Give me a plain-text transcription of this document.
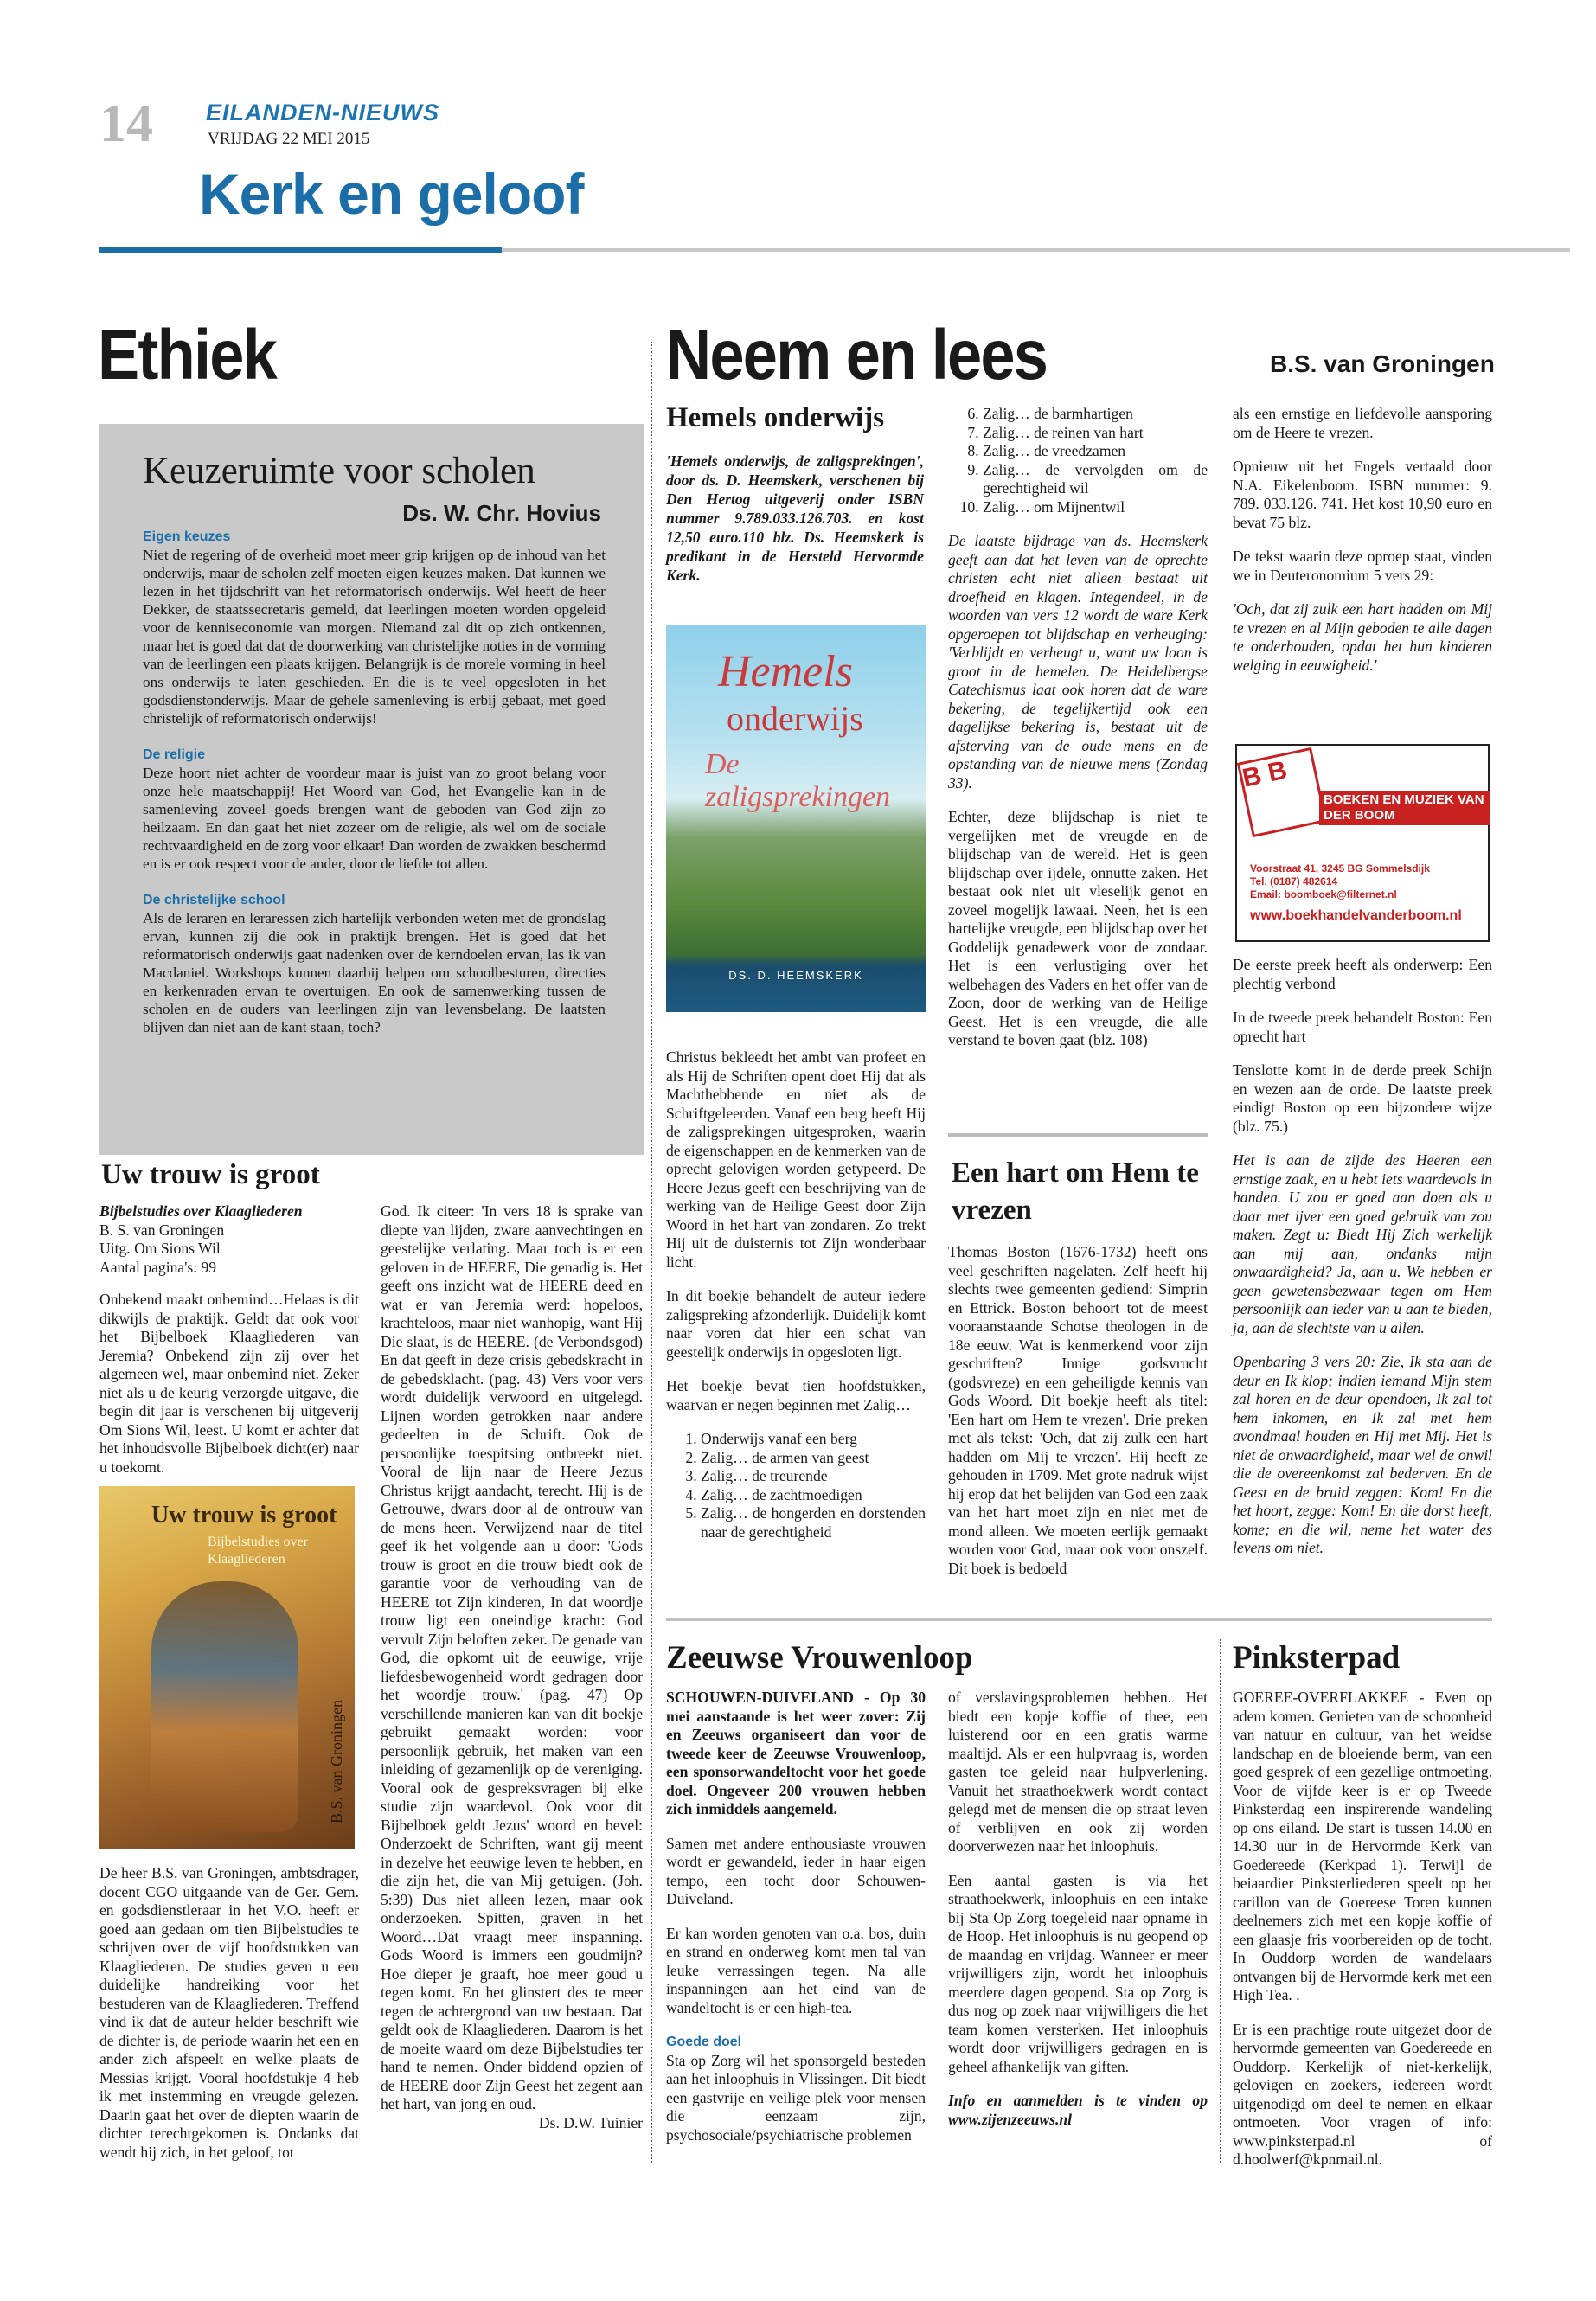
14 EILANDEN-NIEUWS
VRIJDAG 22 MEI 2015
Kerk en geloof
Ethiek
Keuzeruimte voor scholen
Ds. W. Chr. Hovius
Eigen keuzes
Niet de regering of de overheid moet meer grip krijgen op de inhoud van het onderwijs, maar de scholen zelf moeten eigen keuzes maken. Dat kunnen we lezen in het tijdschrift van het reformatorisch onderwijs. Wel heeft de heer Dekker, de staatssecretaris gemeld, dat leerlingen moeten worden opgeleid voor de kenniseconomie van morgen. Niemand zal dit op zich ontkennen, maar het is goed dat dat de doorwerking van christelijke noties in de vorming van de leerlingen een plaats krijgen. Belangrijk is de morele vorming in heel ons onderwijs te laten geschieden. En die is te veel opgesloten in het godsdienstonderwijs. Maar de gehele samenleving is erbij gebaat, met goed christelijk of reformatorisch onderwijs!
De religie
Deze hoort niet achter de voordeur maar is juist van zo groot belang voor onze hele maatschappij! Het Woord van God, het Evangelie kan in de samenleving zoveel goeds brengen want de geboden van God zijn zo heilzaam. En dan gaat het niet zozeer om de religie, als wel om de sociale rechtvaardigheid en de zorg voor elkaar! Dan worden de zwakken beschermd en is er ook respect voor de ander, door de liefde tot allen.
De christelijke school
Als de leraren en leraressen zich hartelijk verbonden weten met de grondslag ervan, kunnen zij die ook in praktijk brengen. Het is goed dat het reformatorisch onderwijs gaat nadenken over de kerndoelen ervan, las ik van Macdaniel. Workshops kunnen daarbij helpen om schoolbesturen, directies en kerkenraden ervan te overtuigen. En ook de samenwerking tussen de scholen en de ouders van leerlingen zijn van levensbelang. De laatsten blijven dan niet aan de kant staan, toch?
Uw trouw is groot
Bijbelstudies over Klaagliederen
B. S. van Groningen
Uitg. Om Sions Wil
Aantal pagina's: 99
Onbekend maakt onbemind…Helaas is dit dikwijls de praktijk. Geldt dat ook voor het Bijbelboek Klaagliederen van Jeremia? Onbekend zijn zij over het algemeen wel, maar onbemind niet. Zeker niet als u de keurig verzorgde uitgave, die begin dit jaar is verschenen bij uitgeverij Om Sions Wil, leest. U komt er achter dat het inhoudsvolle Bijbelboek dicht(er) naar u toekomt.
Uw trouw is groot
Bijbelstudies over Klaagliederen
B.S. van Groningen
De heer B.S. van Groningen, ambtsdrager, docent CGO uitgaande van de Ger. Gem. en godsdienstleraar in het V.O. heeft er goed aan gedaan om tien Bijbelstudies te schrijven over de vijf hoofdstukken van Klaagliederen. De studies geven u een duidelijke handreiking voor het bestuderen van de Klaagliederen. Treffend vind ik dat de auteur helder beschrift wie de dichter is, de periode waarin het een en ander zich afspeelt en welke plaats de Messias krijgt. Vooral hoofdstukje 4 heb ik met instemming en vreugde gelezen. Daarin gaat het over de diepten waarin de dichter terechtgekomen is. Ondanks dat wendt hij zich, in het geloof, tot
God. Ik citeer: 'In vers 18 is sprake van diepte van lijden, zware aanvechtingen en geestelijke verlating. Maar toch is er een geloven in de HEERE, Die genadig is. Het geeft ons inzicht wat de HEERE deed en wat er van Jeremia werd: hopeloos, krachteloos, maar niet wanhopig, want Hij Die slaat, is de HEERE. (de Verbondsgod) En dat geeft in deze crisis gebedskracht in de gebedsklacht. (pag. 43) Vers voor vers wordt duidelijk verwoord en uitgelegd. Lijnen worden getrokken naar andere gedeelten in de Schrift. Ook de persoonlijke toespitsing ontbreekt niet. Vooral de lijn naar de Heere Jezus Christus krijgt aandacht, terecht. Hij is de Getrouwe, dwars door al de ontrouw van de mens heen. Verwijzend naar de titel geef ik het volgende aan u door: 'Gods trouw is groot en die trouw biedt ook de garantie voor de verhouding van de HEERE tot Zijn kinderen, In dat woordje trouw ligt een oneindige kracht: God vervult Zijn beloften zeker. De genade van God, die opkomt uit de eeuwige, vrije liefdesbewogenheid wordt gedragen door het woordje trouw.' (pag. 47) Op verschillende manieren kan van dit boekje gebruikt gemaakt worden: voor persoonlijk gebruik, het maken van een inleiding of gezamenlijk op de vereniging. Vooral ook de gespreksvragen bij elke studie zijn waardevol. Ook voor dit Bijbelboek geldt Jezus' woord en bevel: Onderzoekt de Schriften, want gij meent in dezelve het eeuwige leven te hebben, en die zijn het, die van Mij getuigen. (Joh. 5:39) Dus niet alleen lezen, maar ook onderzoeken. Spitten, graven in het Woord…Dat vraagt meer inspanning. Gods Woord is immers een goudmijn? Hoe dieper je graaft, hoe meer goud u tegen komt. En het glinstert des te meer tegen de achtergrond van uw bestaan. Dat geldt ook de Klaagliederen. Daarom is het de moeite waard om deze Bijbelstudies ter hand te nemen. Onder biddend opzien of de HEERE door Zijn Geest het zegent aan het hart, van jong en oud.
Ds. D.W. Tuinier
Neem en lees	B.S. van Groningen
Hemels onderwijs
'Hemels onderwijs, de zaligsprekingen', door ds. D. Heemskerk, verschenen bij Den Hertog uitgeverij onder ISBN nummer 9.789.033.126.703. en kost 12,50 euro.110 blz. Ds. Heemskerk is predikant in de Hersteld Hervormde Kerk.
Hemels
onderwijs
De zaligsprekingen
DS. D. HEEMSKERK

Christus bekleedt het ambt van profeet en als Hij de Schriften opent doet Hij dat als Machthebbende en niet als de Schriftgeleerden. Vanaf een berg heeft Hij de zaligsprekingen uitgesproken, waarin de eigenschappen en de kenmerken van de oprecht gelovigen worden getypeerd. De Heere Jezus geeft een beschrijving van de werking van de Heilige Geest door Zijn Woord in het hart van zondaren. Zo trekt Hij uit de duisternis tot Zijn wonderbaar licht.

In dit boekje behandelt de auteur iedere zaligspreking afzonderlijk. Duidelijk komt naar voren dat hier een schat van geestelijk onderwijs in opgesloten ligt.

Het boekje bevat tien hoofdstukken, waarvan er negen beginnen met Zalig…

1. Onderwijs vanaf een berg
2. Zalig… de armen van geest
3. Zalig… de treurende
4. Zalig… de zachtmoedigen
5. Zalig… de hongerden en dorstenden naar de gerechtigheid
6. Zalig… de barmhartigen
7. Zalig… de reinen van hart
8. Zalig… de vreedzamen
9. Zalig… de vervolgden om de gerechtigheid wil
10. Zalig… om Mijnentwil

De laatste bijdrage van ds. Heemskerk geeft aan dat het leven van de oprechte christen echt niet alleen bestaat uit droefheid en klagen. Integendeel, in de woorden van vers 12 wordt de ware Kerk opgeroepen tot blijdschap en verheuging: 'Verblijdt en verheugt u, want uw loon is groot in de hemelen. De Heidelbergse Catechismus laat ook horen dat de ware bekering, de tegelijkertijd ook een dagelijkse bekering is, bestaat uit de afsterving van de oude mens en de opstanding van de nieuwe mens (Zondag 33).

Echter, deze blijdschap is niet te vergelijken met de vreugde en de blijdschap van de wereld. Het is geen blijdschap over ijdele, onnutte zaken. Het bestaat ook niet uit vleselijk genot en zoveel mogelijk lawaai. Neen, het is een hartelijke vreugde, een blijdschap over het Goddelijk genadewerk voor de zondaar. Het is een verlustiging over het welbehagen des Vaders en het offer van de Zoon, door de werking van de Heilige Geest. Het is een vreugde, die alle verstand te boven gaat (blz. 108)

Een hart om Hem te vrezen
Thomas Boston (1676-1732) heeft ons veel geschriften nagelaten. Zelf heeft hij slechts twee gemeenten gediend: Simprin en Ettrick. Boston behoort tot de meest vooraanstaande Schotse theologen in de 18e eeuw. Wat is kenmerkend voor zijn geschriften? Innige godsvrucht (godsvreze) en een geheiligde kennis van Gods Woord. Dit boekje heeft als titel: 'Een hart om Hem te vrezen'. Drie preken met als tekst: 'Och, dat zij zulk een hart hadden om Mij te vrezen'. Hij heeft ze gehouden in 1709. Met grote nadruk wijst hij erop dat het belijden van God een zaak van het hart moet zijn en niet met de mond alleen. We moeten eerlijk gemaakt worden voor God, maar ook voor onszelf. Dit boek is bedoeld

als een ernstige en liefdevolle aansporing om de Heere te vrezen.

Opnieuw uit het Engels vertaald door N.A. Eikelenboom. ISBN nummer: 9. 789. 033.126. 741. Het kost 10,90 euro en bevat 75 blz.

De tekst waarin deze oproep staat, vinden we in Deuteronomium 5 vers 29:

'Och, dat zij zulk een hart hadden om Mij te vrezen en al Mijn geboden te alle dagen te onderhouden, opdat het hun kinderen welging in eeuwigheid.'

B B
BOEKEN EN MUZIEK VAN DER BOOM
Voorstraat 41, 3245 BG Sommelsdijk
Tel. (0187) 482614
Email: boomboek@filternet.nl
www.boekhandelvanderboom.nl

De eerste preek heeft als onderwerp: Een plechtig verbond

In de tweede preek behandelt Boston: Een oprecht hart

Tenslotte komt in de derde preek Schijn en wezen aan de orde. De laatste preek eindigt Boston op een bijzondere wijze (blz. 75.)

Het is aan de zijde des Heeren een ernstige zaak, en u hebt iets waardevols in handen. U zou er goed aan doen als u daar met ijver een goed gebruik van zou maken. Zegt u: Biedt Hij Zich werkelijk aan mij aan, ondanks mijn onwaardigheid? Ja, aan u. We hebben er geen gewetensbezwaar tegen om Hem persoonlijk aan ieder van u aan te bieden, ja, aan de slechtste van u allen.

Openbaring 3 vers 20: Zie, Ik sta aan de deur en Ik klop; indien iemand Mijn stem zal horen en de deur opendoen, Ik zal tot hem inkomen, en Ik zal met hem avondmaal houden en Hij met Mij. Het is niet de onwaardigheid, maar wel de onwil die de overeenkomst zal bederven. En de Geest en de bruid zeggen: Kom! En die het hoort, zegge: Kom! En die dorst heeft, kome; en die wil, neme het water des levens om niet.

Zeeuwse Vrouwenloop

SCHOUWEN-DUIVELAND - Op 30 mei aanstaande is het weer zover: Zij en Zeeuws organiseert dan voor de tweede keer de Zeeuwse Vrouwenloop, een sponsorwandeltocht voor het goede doel. Ongeveer 200 vrouwen hebben zich inmiddels aangemeld.

Samen met andere enthousiaste vrouwen wordt er gewandeld, ieder in haar eigen tempo, een tocht door Schouwen-Duiveland.

Er kan worden genoten van o.a. bos, duin en strand en onderweg komt men tal van leuke verrassingen tegen. Na alle inspanningen aan het eind van de wandeltocht is er een high-tea.

Goede doel
Sta op Zorg wil het sponsorgeld besteden aan het inloophuis in Vlissingen. Dit biedt een gastvrije en veilige plek voor mensen die eenzaam zijn, psychosociale/psychiatrische problemen

of verslavingsproblemen hebben. Het biedt een kopje koffie of thee, een luisterend oor en een gratis warme maaltijd. Als er een hulpvraag is, worden gasten toe geleid naar hulpverlening. Vanuit het straathoekwerk wordt contact gelegd met de mensen die op straat leven of verblijven en ook zij worden doorverwezen naar het inloophuis.

Een aantal gasten is via het straathoekwerk, inloophuis en een intake bij Sta Op Zorg toegeleid naar opname in de Hoop. Het inloophuis is nu geopend op de maandag en vrijdag. Wanneer er meer vrijwilligers zijn, wordt het inloophuis meerdere dagen geopend. Sta op Zorg is dus nog op zoek naar vrijwilligers die het team komen versterken. Het inloophuis wordt door vrijwilligers gedragen en is geheel afhankelijk van giften.

Info en aanmelden is te vinden op www.zijenzeeuws.nl

Pinksterpad

GOEREE-OVERFLAKKEE - Even op adem komen. Genieten van de schoonheid van natuur en cultuur, van het weidse landschap en de bloeiende berm, van een goed gesprek of een gezellige ontmoeting. Voor de vijfde keer is er op Tweede Pinksterdag een inspirerende wandeling op ons eiland. De start is tussen 14.00 en 14.30 uur in de Hervormde Kerk van Goedereede (Kerkpad 1). Terwijl de beiaardier Pinksterliederen speelt op het carillon van de Goereese Toren kunnen deelnemers zich met een kopje koffie of een glaasje fris voorbereiden op de tocht. In Ouddorp worden de wandelaars ontvangen bij de Hervormde kerk met een High Tea. .

Er is een prachtige route uitgezet door de hervormde gemeenten van Goedereede en Ouddorp. Kerkelijk of niet-kerkelijk, gelovigen en zoekers, iedereen wordt uitgenodigd om deel te nemen en elkaar ontmoeten. Voor vragen of info: www.pinksterpad.nl of d.hoolwerf@kpnmail.nl.
